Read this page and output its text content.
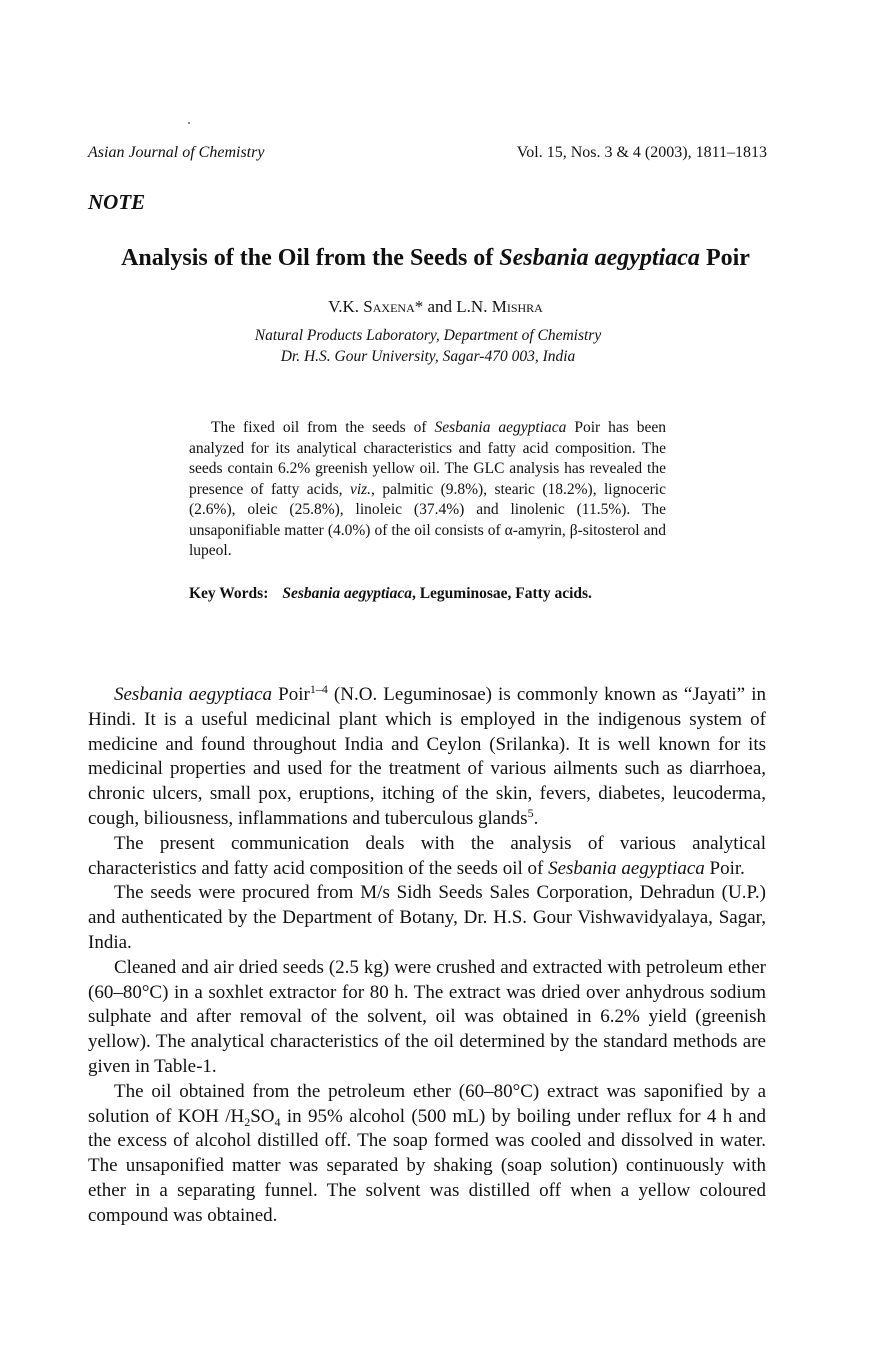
Asian Journal of Chemistry	Vol. 15, Nos. 3 & 4 (2003), 1811–1813
NOTE
Analysis of the Oil from the Seeds of Sesbania aegyptiaca Poir
V.K. Saxena* and L.N. Mishra
Natural Products Laboratory, Department of Chemistry
Dr. H.S. Gour University, Sagar-470 003, India
The fixed oil from the seeds of Sesbania aegyptiaca Poir has been analyzed for its analytical characteristics and fatty acid composition. The seeds contain 6.2% greenish yellow oil. The GLC analysis has revealed the presence of fatty acids, viz., palmitic (9.8%), stearic (18.2%), lignoceric (2.6%), oleic (25.8%), linoleic (37.4%) and linolenic (11.5%). The unsaponifiable matter (4.0%) of the oil consists of α-amyrin, β-sitosterol and lupeol.
Key Words: Sesbania aegyptiaca, Leguminosae, Fatty acids.

Sesbania aegyptiaca Poir$^{1-4}$ (N.O. Leguminosae) is commonly known as “Jayati” in Hindi. It is a useful medicinal plant which is employed in the indigenous system of medicine and found throughout India and Ceylon (Srilanka). It is well known for its medicinal properties and used for the treatment of various ailments such as diarrhoea, chronic ulcers, small pox, eruptions, itching of the skin, fevers, diabetes, leucoderma, cough, biliousness, inflammations and tuberculous glands$^5$.

The present communication deals with the analysis of various analytical characteristics and fatty acid composition of the seeds oil of Sesbania aegyptiaca Poir.

The seeds were procured from M/s Sidh Seeds Sales Corporation, Dehradun (U.P.) and authenticated by the Department of Botany, Dr. H.S. Gour Vishwavidyalaya, Sagar, India.

Cleaned and air dried seeds (2.5 kg) were crushed and extracted with petroleum ether (60–80°C) in a soxhlet extractor for 80 h. The extract was dried over anhydrous sodium sulphate and after removal of the solvent, oil was obtained in 6.2% yield (greenish yellow). The analytical characteristics of the oil determined by the standard methods are given in Table-1.

The oil obtained from the petroleum ether (60–80°C) extract was saponified by a solution of KOH $/H_2SO_4$ in 95% alcohol (500 mL) by boiling under reflux for 4 h and the excess of alcohol distilled off. The soap formed was cooled and dissolved in water. The unsaponified matter was separated by shaking (soap solution) continuously with ether in a separating funnel. The solvent was distilled off when a yellow coloured compound was obtained.
